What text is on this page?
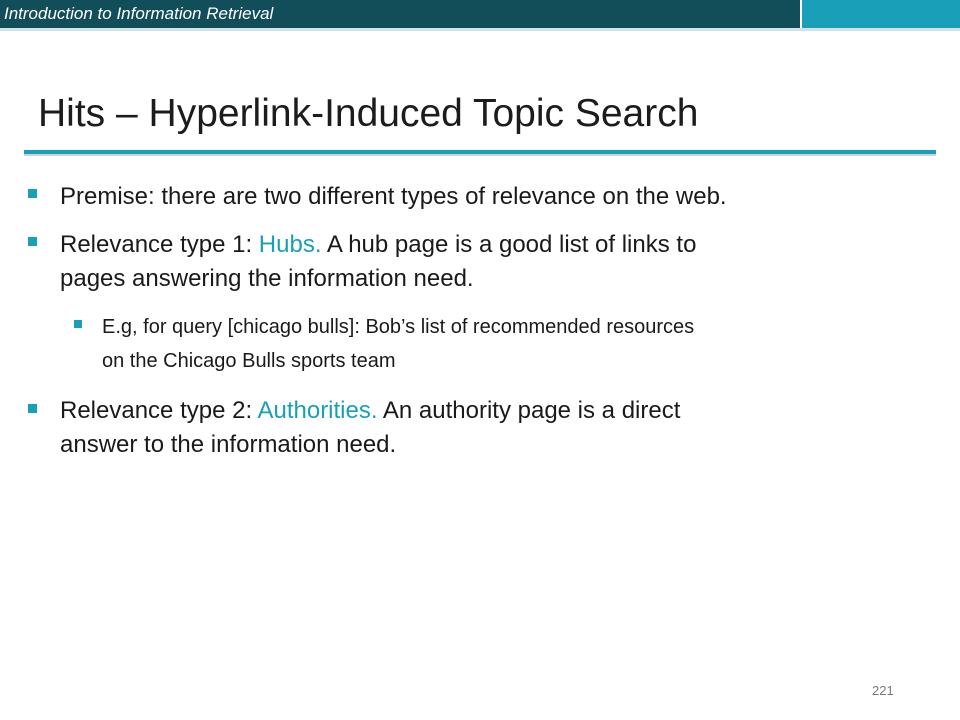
Introduction to Information Retrieval
Hits – Hyperlink-Induced Topic Search
Premise: there are two different types of relevance on the web.
Relevance type 1: Hubs. A hub page is a good list of links to
pages answering the information need.
E.g, for query [chicago bulls]: Bob’s list of recommended resources
on the Chicago Bulls sports team
Relevance type 2: Authorities. An authority page is a direct
answer to the information need.
221
